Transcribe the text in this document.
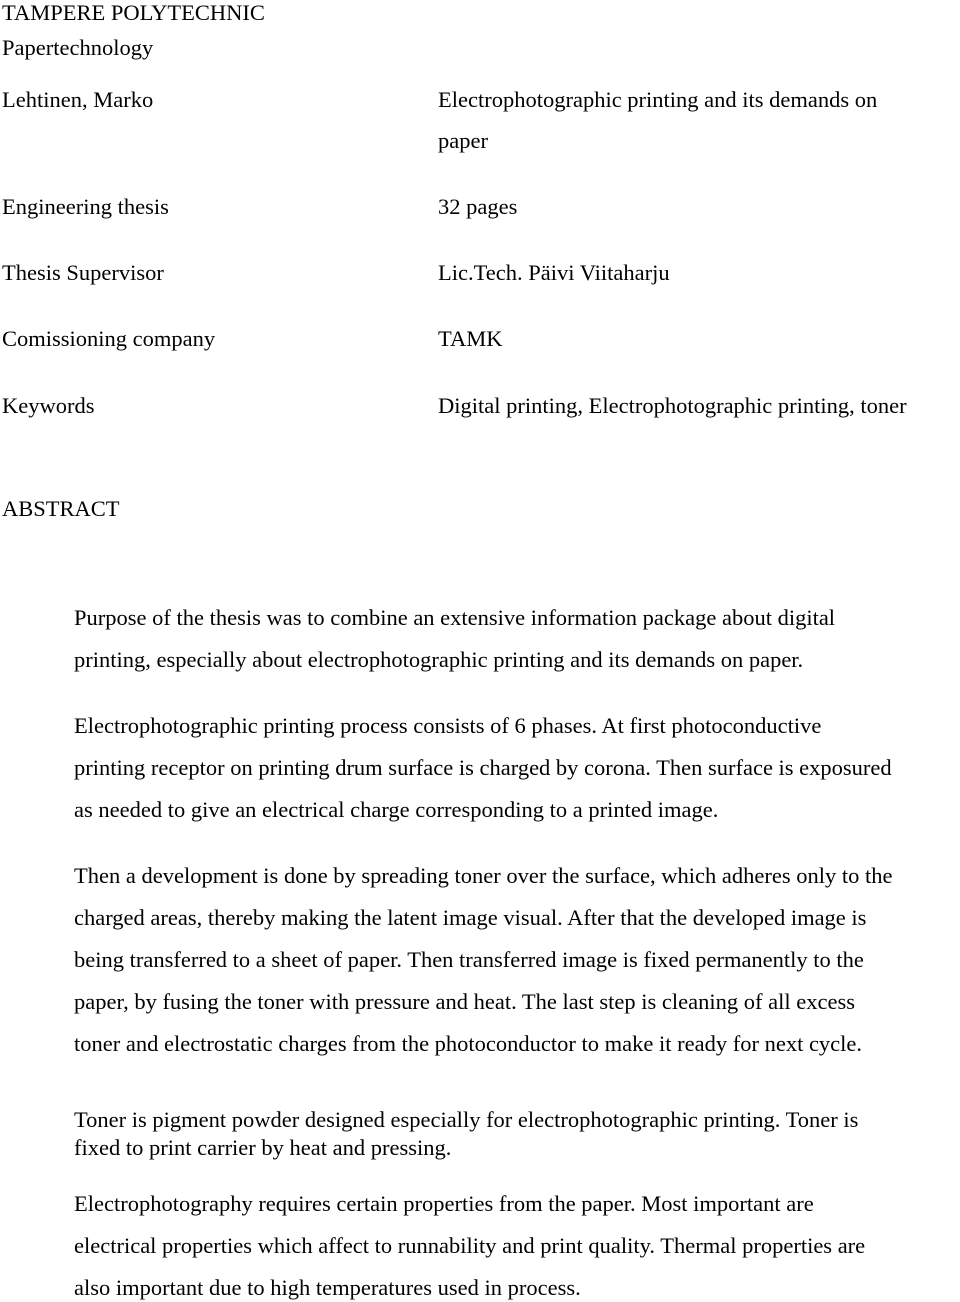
TAMPERE POLYTECHNIC
Papertechnology
Lehtinen, Marko	Electrophotographic printing and its demands on
paper
Engineering thesis	32 pages
Thesis Supervisor	Lic.Tech. Päivi Viitaharju
Comissioning company	TAMK
Keywords	Digital printing, Electrophotographic printing, toner
ABSTRACT
Purpose of the thesis was to combine an extensive information package about digital
printing, especially about electrophotographic printing and its demands on paper.
Electrophotographic printing process consists of 6 phases. At first photoconductive
printing receptor on printing drum surface is charged by corona. Then surface is exposured
as needed to give an electrical charge corresponding to a printed image.
Then a development is done by spreading toner over the surface, which adheres only to the
charged areas, thereby making the latent image visual. After that the developed image is
being transferred to a sheet of paper. Then transferred image is fixed permanently to the
paper, by fusing the toner with pressure and heat. The last step is cleaning of all excess
toner and electrostatic charges from the photoconductor to make it ready for next cycle.
Toner is pigment powder designed especially for electrophotographic printing. Toner is
fixed to print carrier by heat and pressing.
Electrophotography requires certain properties from the paper. Most important are
electrical properties which affect to runnability and print quality. Thermal properties are
also important due to high temperatures used in process.
